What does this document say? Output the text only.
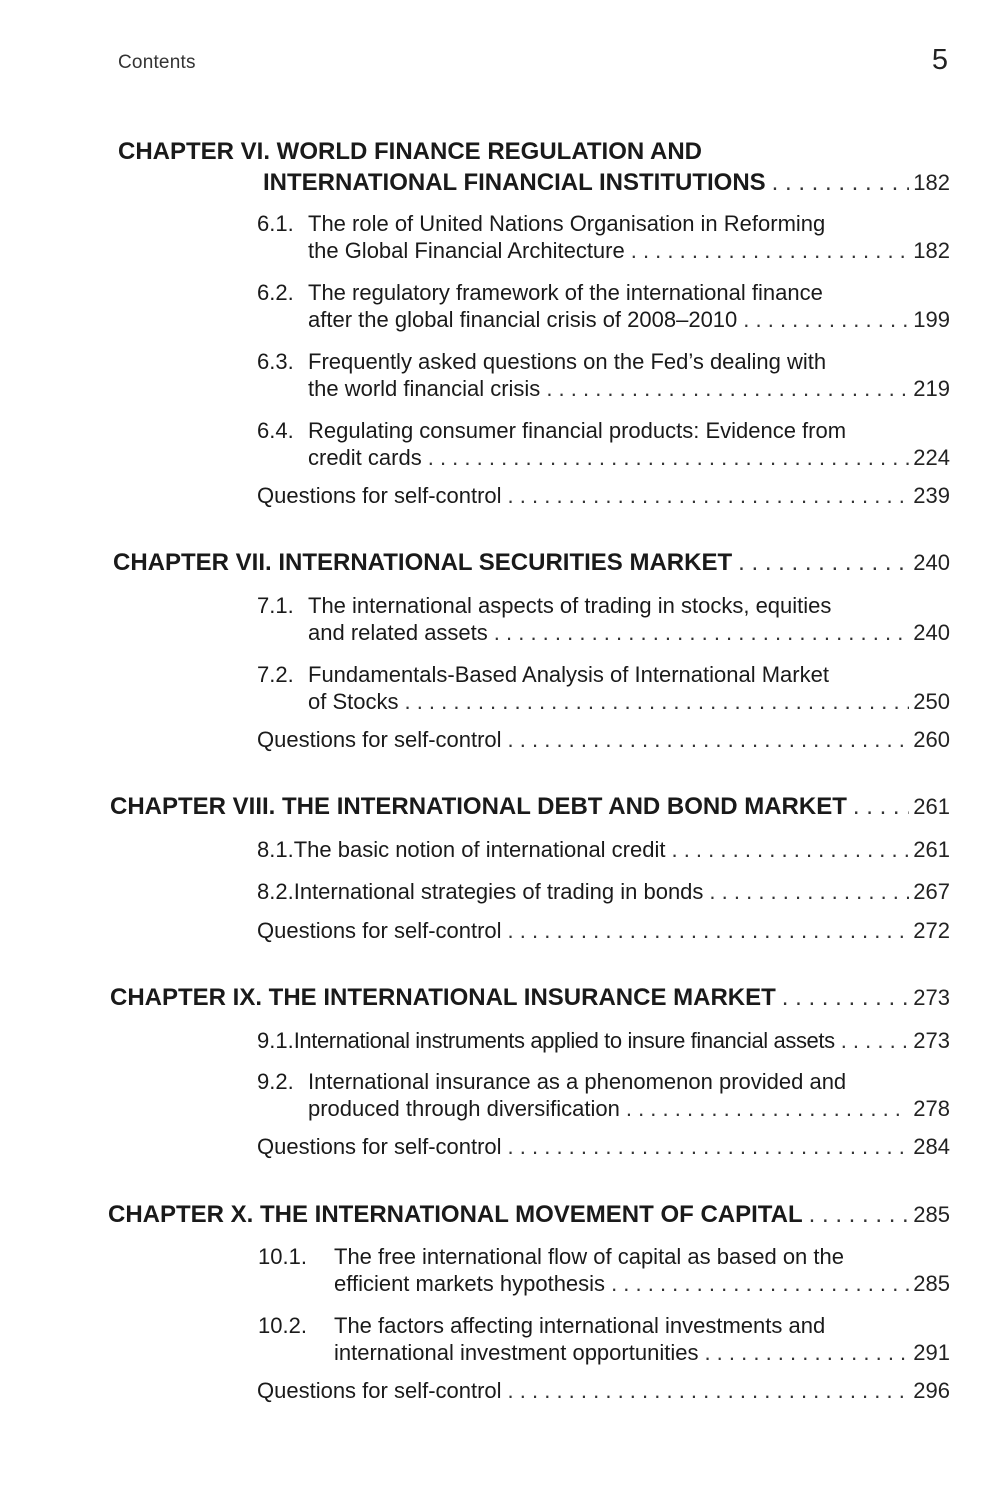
Contents	5
CHAPTER VI. WORLD FINANCE REGULATION AND
INTERNATIONAL FINANCIAL INSTITUTIONS . . .	182
6.1. The role of United Nations Organisation in Reforming
the Global Financial Architecture . . .	182
6.2. The regulatory framework of the international finance
after the global financial crisis of 2008–2010 . . .	199
6.3. Frequently asked questions on the Fed’s dealing with
the world financial crisis . . .	219
6.4. Regulating consumer financial products: Evidence from
credit cards . . .	224
Questions for self-control . . .	239
CHAPTER VII. INTERNATIONAL SECURITIES MARKET . . .	240
7.1. The international aspects of trading in stocks, equities
and related assets . . .	240
7.2. Fundamentals-Based Analysis of International Market
of Stocks . . .	250
Questions for self-control . . .	260
CHAPTER VIII. THE INTERNATIONAL DEBT AND BOND MARKET . . .	261
8.1. The basic notion of international credit . . .	261
8.2. International strategies of trading in bonds . . .	267
Questions for self-control . . .	272
CHAPTER IX. THE INTERNATIONAL INSURANCE MARKET . . .	273
9.1. International instruments applied to insure financial assets . . .	273
9.2. International insurance as a phenomenon provided and
produced through diversification . . .	278
Questions for self-control . . .	284
CHAPTER X. THE INTERNATIONAL MOVEMENT OF CAPITAL . . .	285
10.1. The free international flow of capital as based on the
efficient markets hypothesis . . .	285
10.2. The factors affecting international investments and
international investment opportunities . . .	291
Questions for self-control . . .	296
